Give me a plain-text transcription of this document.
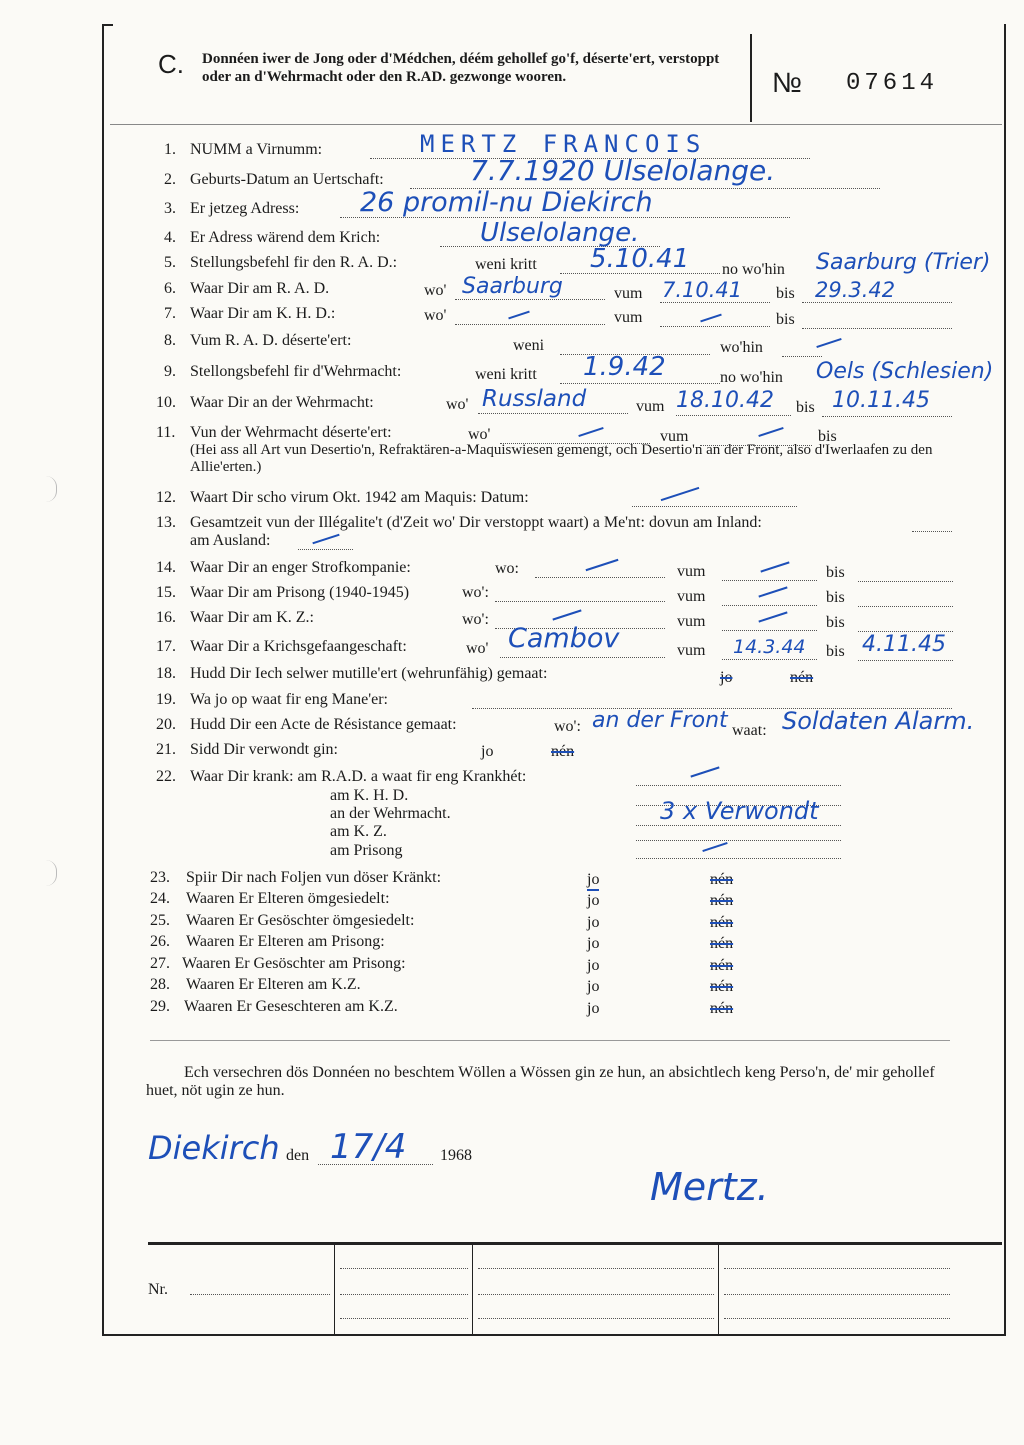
C. Donnéen iwer de Jong oder d'Médchen, déém gehollef go'f, déserte'ert, verstoppt oder an d'Wehrmacht oder den R.AD. gezwonge wooren.	№ 07614
1. NUMM a Virnumm:	MERTZ FRANCOIS
2. Geburts-Datum an Uertschaft:	7.7.1920 Ulselolange.
3. Er jetzeg Adress: 26 promil-nu Diekirch
4. Er Adress wärend dem Krich:	Ulselolange.
5. Stellungsbefehl fir den R. A. D.:	weni kritt 5.10.41 no wo'hin Saarburg (Trier)
6. Waar Dir am R. A. D.	wo' Saarburg	vum 7.10.41 bis 29.3.42
7. Waar Dir am K. H. D.:	wo'	vum	bis
8. Vum R. A. D. déserte'ert:	weni	wo'hin
9. Stellongsbefehl fir d'Wehrmacht:	weni kritt 1.9.42	no wo'hin Oels (Schlesien)
10. Waar Dir an der Wehrmacht:	wo' Russland	vum 18.10.42 bis 10.11.45
11. Vun der Wehrmacht déserte'ert:	wo'	vum	bis
(Hei ass all Art vun Desertio'n, Refraktären-a-Maquiswiesen gemengt, och Desertio'n an der Front, also d'Iwerlaafen zu den Allie'erten.)
12. Waart Dir scho virum Okt. 1942 am Maquis: Datum:
13. Gesamtzeit vun der Illégalite't (d'Zeit wo' Dir verstoppt waart) a Me'nt: dovun am Inland:
am Ausland:
14. Waar Dir an enger Strofkompanie:	wo:	vum	bis
15. Waar Dir am Prisong (1940-1945)	wo':	vum	bis
16. Waar Dir am K. Z.:	wo':	vum	bis
17. Waar Dir a Krichsgefaangeschaft:	wo' Cambov	vum 14.3.44 bis 4.11.45
18. Hudd Dir Iech selwer mutille'ert (wehrunfähig) gemaat:	jo	nén
19. Wa jo op waat fir eng Mane'er:
20. Hudd Dir een Acte de Résistance gemaat:	wo': an der Front waat: Soldaten Alarm.
21. Sidd Dir verwondt gin:	jo	nén
22. Waar Dir krank: am R.A.D. a waat fir eng Krankhét:
am K. H. D.
an der Wehrmacht.
am K. Z.
am Prisong
3 x Verwondt
23. Spiir Dir nach Foljen vun döser Kränkt:	jo	nén
24. Waaren Er Elteren ömgesiedelt:	jo	nén
25. Waaren Er Gesöschter ömgesiedelt:	jo	nén
26. Waaren Er Elteren am Prisong:	jo	nén
27. Waaren Er Gesöschter am Prisong:	jo	nén
28. Waaren Er Elteren am K.Z.	jo	nén
29. Waaren Er Geseschteren am K.Z.	jo	nén
Ech versechren dös Donnéen no beschtem Wöllen a Wössen gin ze hun, an absichtlech keng Perso'n, de' mir gehollef huet, nöt ugin ze hun.
Diekirch den 17/4 1968
Mertz.
Nr.
